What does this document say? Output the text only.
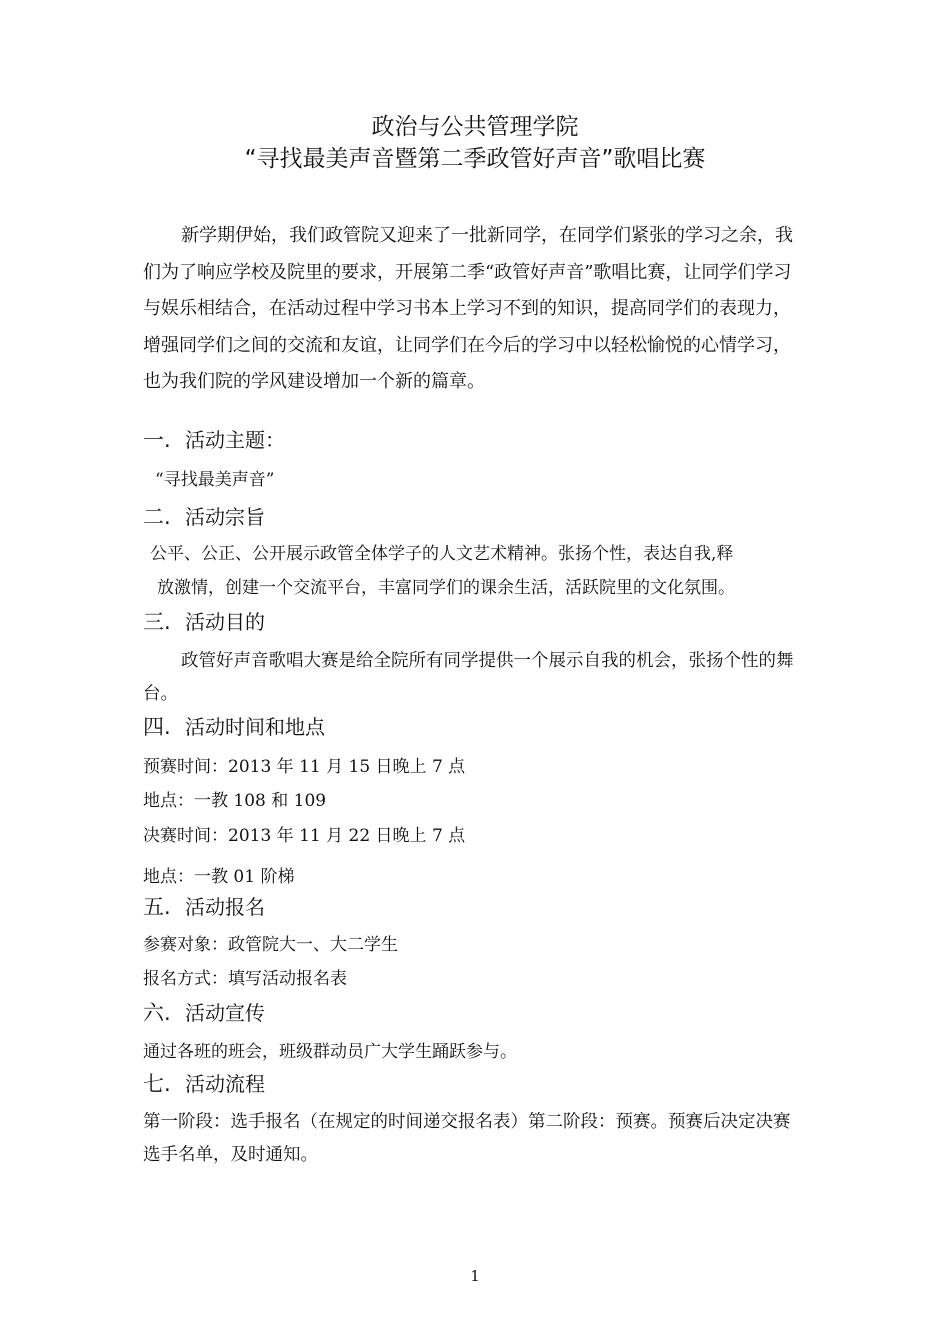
政治与公共管理学院
“寻找最美声音暨第二季政管好声音”歌唱比赛
新学期伊始，我们政管院又迎来了一批新同学，在同学们紧张的学习之余，我们为了响应学校及院里的要求，开展第二季“政管好声音”歌唱比赛，让同学们学习与娱乐相结合，在活动过程中学习书本上学习不到的知识，提高同学们的表现力，增强同学们之间的交流和友谊，让同学们在今后的学习中以轻松愉悦的心情学习，也为我们院的学风建设增加一个新的篇章。
一. 活动主题：
“寻找最美声音”
二. 活动宗旨
公平、公正、公开展示政管全体学子的人文艺术精神。张扬个性，表达自我,释
放激情，创建一个交流平台，丰富同学们的课余生活，活跃院里的文化氛围。
三. 活动目的
政管好声音歌唱大赛是给全院所有同学提供一个展示自我的机会，张扬个性的舞台。
四. 活动时间和地点
预赛时间：2013 年 11 月 15 日晚上 7 点
地点：一教 108 和 109
决赛时间：2013 年 11 月 22 日晚上 7 点
地点：一教 01 阶梯
五. 活动报名
参赛对象：政管院大一、大二学生
报名方式：填写活动报名表
六. 活动宣传
通过各班的班会，班级群动员广大学生踊跃参与。
七. 活动流程
第一阶段：选手报名（在规定的时间递交报名表）第二阶段：预赛。预赛后决定决赛选手名单，及时通知。
1
